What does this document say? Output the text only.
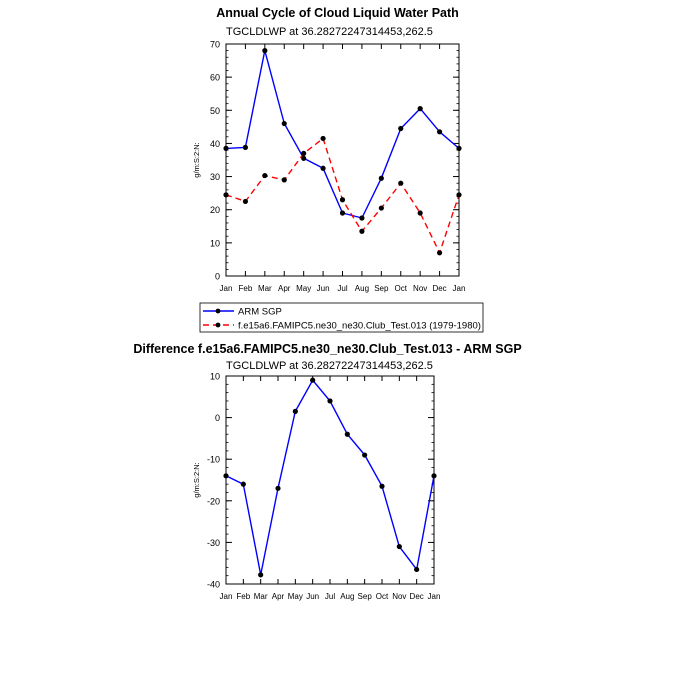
Annual Cycle of Cloud Liquid Water Path
TGCLDLWP at 36.28272247314453,262.5
Difference f.e15a6.FAMIPC5.ne30_ne30.Club_Test.013 - ARM SGP
TGCLDLWP at 36.28272247314453,262.5
0
10
20
30
40
50
60
70
Jan Feb Mar Apr May Jun Jul Aug Sep Oct Nov Dec Jan
g/m:S:2:N:
ARM SGP
f.e15a6.FAMIPC5.ne30_ne30.Club_Test.013 (1979-1980)
-40
-30
-20
-10
0
10
Jan Feb Mar Apr May Jun Jul Aug Sep Oct Nov Dec Jan
g/m:S:2:N:
